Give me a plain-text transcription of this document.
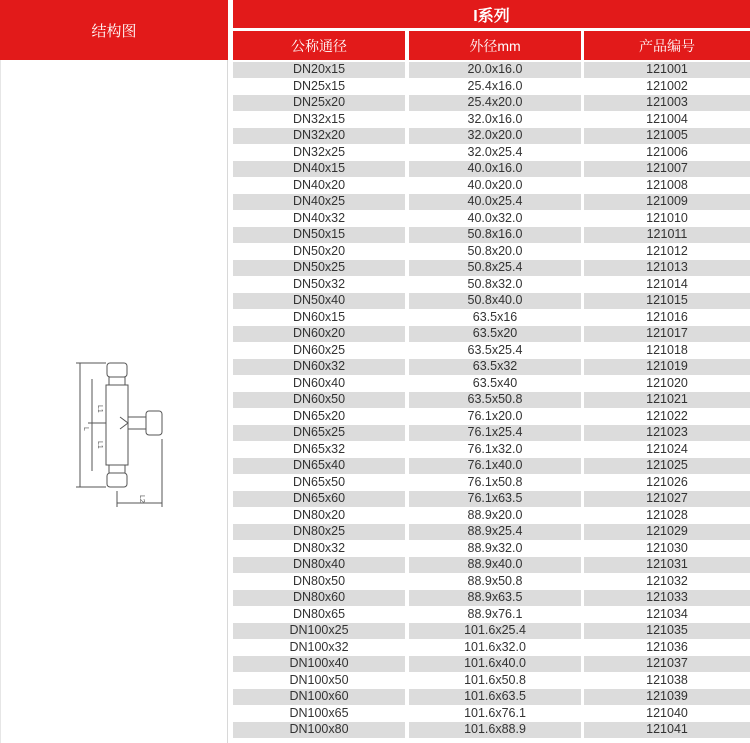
结构图
L1
L1
L
L2
I系列
公称通径	外径mm	产品编号
DN20x15	20.0x16.0	121001
DN25x15	25.4x16.0	121002
DN25x20	25.4x20.0	121003
DN32x15	32.0x16.0	121004
DN32x20	32.0x20.0	121005
DN32x25	32.0x25.4	121006
DN40x15	40.0x16.0	121007
DN40x20	40.0x20.0	121008
DN40x25	40.0x25.4	121009
DN40x32	40.0x32.0	121010
DN50x15	50.8x16.0	121011
DN50x20	50.8x20.0	121012
DN50x25	50.8x25.4	121013
DN50x32	50.8x32.0	121014
DN50x40	50.8x40.0	121015
DN60x15	63.5x16	121016
DN60x20	63.5x20	121017
DN60x25	63.5x25.4	121018
DN60x32	63.5x32	121019
DN60x40	63.5x40	121020
DN60x50	63.5x50.8	121021
DN65x20	76.1x20.0	121022
DN65x25	76.1x25.4	121023
DN65x32	76.1x32.0	121024
DN65x40	76.1x40.0	121025
DN65x50	76.1x50.8	121026
DN65x60	76.1x63.5	121027
DN80x20	88.9x20.0	121028
DN80x25	88.9x25.4	121029
DN80x32	88.9x32.0	121030
DN80x40	88.9x40.0	121031
DN80x50	88.9x50.8	121032
DN80x60	88.9x63.5	121033
DN80x65	88.9x76.1	121034
DN100x25	101.6x25.4	121035
DN100x32	101.6x32.0	121036
DN100x40	101.6x40.0	121037
DN100x50	101.6x50.8	121038
DN100x60	101.6x63.5	121039
DN100x65	101.6x76.1	121040
DN100x80	101.6x88.9	121041
